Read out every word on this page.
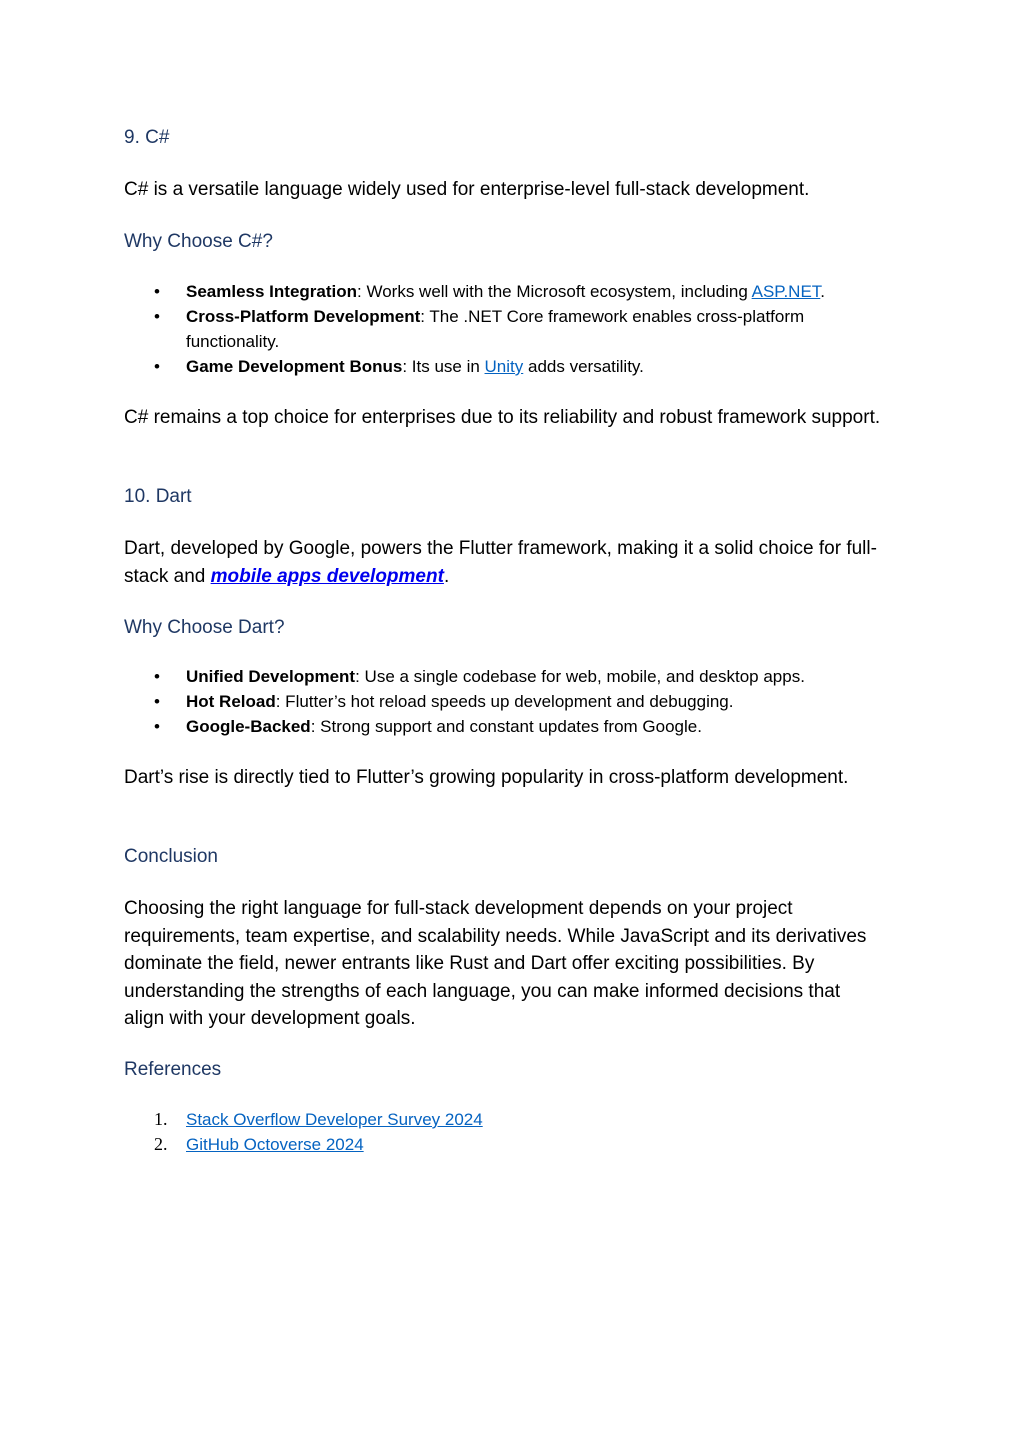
9. C#

C# is a versatile language widely used for enterprise-level full-stack development.

Why Choose C#?
• Seamless Integration: Works well with the Microsoft ecosystem, including ASP.NET.
• Cross-Platform Development: The .NET Core framework enables cross-platform functionality.
• Game Development Bonus: Its use in Unity adds versatility.

C# remains a top choice for enterprises due to its reliability and robust framework support.

10. Dart

Dart, developed by Google, powers the Flutter framework, making it a solid choice for full-stack and mobile apps development.

Why Choose Dart?
• Unified Development: Use a single codebase for web, mobile, and desktop apps.
• Hot Reload: Flutter’s hot reload speeds up development and debugging.
• Google-Backed: Strong support and constant updates from Google.

Dart’s rise is directly tied to Flutter’s growing popularity in cross-platform development.

Conclusion

Choosing the right language for full-stack development depends on your project requirements, team expertise, and scalability needs. While JavaScript and its derivatives dominate the field, newer entrants like Rust and Dart offer exciting possibilities. By understanding the strengths of each language, you can make informed decisions that align with your development goals.

References
1. Stack Overflow Developer Survey 2024
2. GitHub Octoverse 2024
